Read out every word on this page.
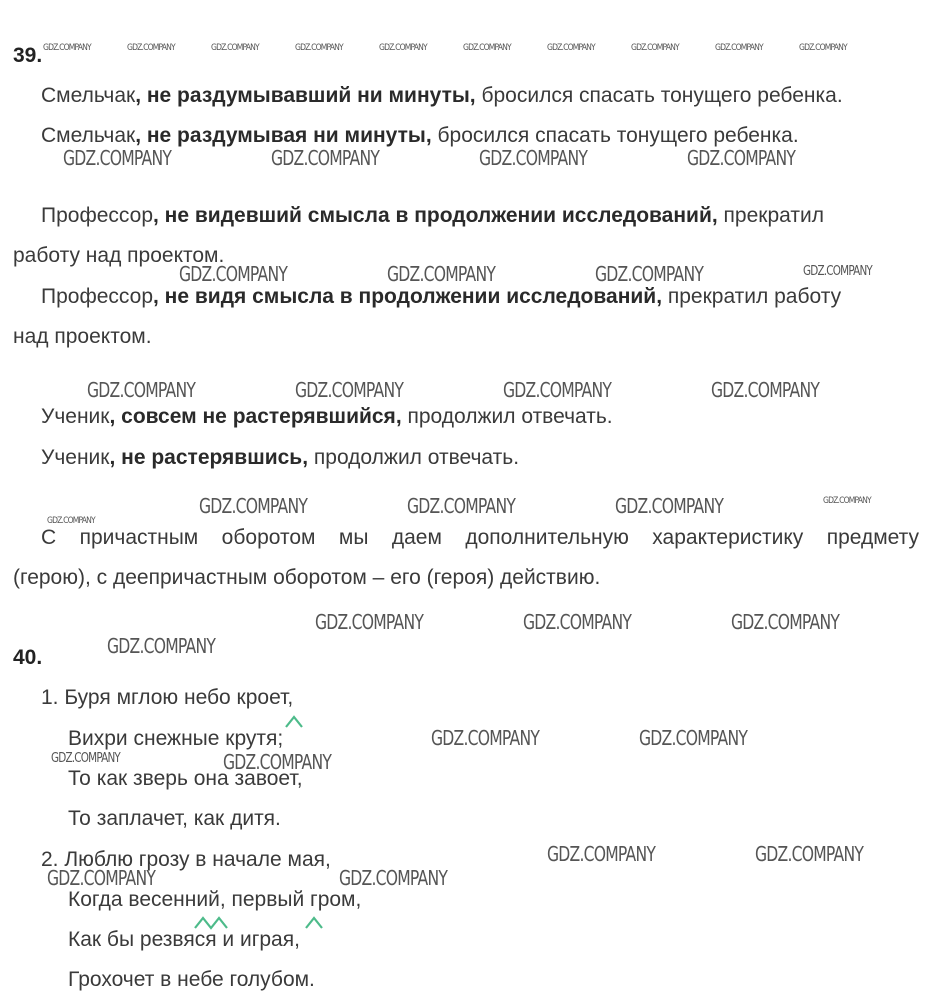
39.
Смельчак, не раздумывавший ни минуты, бросился спасать тонущего ребенка.
Смельчак, не раздумывая ни минуты, бросился спасать тонущего ребенка.
Профессор, не видевший смысла в продолжении исследований, прекратил
работу над проектом.
Профессор, не видя смысла в продолжении исследований, прекратил работу
над проектом.
Ученик, совсем не растерявшийся, продолжил отвечать.
Ученик, не растерявшись, продолжил отвечать.
С причастным оборотом мы даем дополнительную характеристику предмету
(герою), с деепричастным оборотом – его (героя) действию.
40.
1. Буря мглою небо кроет,
Вихри снежные крутя;
То как зверь она завоет,
То заплачет, как дитя.
2. Люблю грозу в начале мая,
Когда весенний, первый гром,
Как бы резвяся и играя,
Грохочет в небе голубом.
GDZ.COMPANY	GDZ.COMPANY	GDZ.COMPANY	GDZ.COMPANY	GDZ.COMPANY	GDZ.COMPANY	GDZ.COMPANY	GDZ.COMPANY	GDZ.COMPANY	GDZ.COMPANY
GDZ.COMPANY	GDZ.COMPANY	GDZ.COMPANY	GDZ.COMPANY
GDZ.COMPANY	GDZ.COMPANY	GDZ.COMPANY	GDZ.COMPANY
GDZ.COMPANY	GDZ.COMPANY	GDZ.COMPANY	GDZ.COMPANY
GDZ.COMPANY	GDZ.COMPANY	GDZ.COMPANY	GDZ.COMPANY
GDZ.COMPANY
GDZ.COMPANY	GDZ.COMPANY	GDZ.COMPANY
GDZ.COMPANY
GDZ.COMPANY	GDZ.COMPANY
GDZ.COMPANY	GDZ.COMPANY
GDZ.COMPANY	GDZ.COMPANY
GDZ.COMPANY	GDZ.COMPANY
